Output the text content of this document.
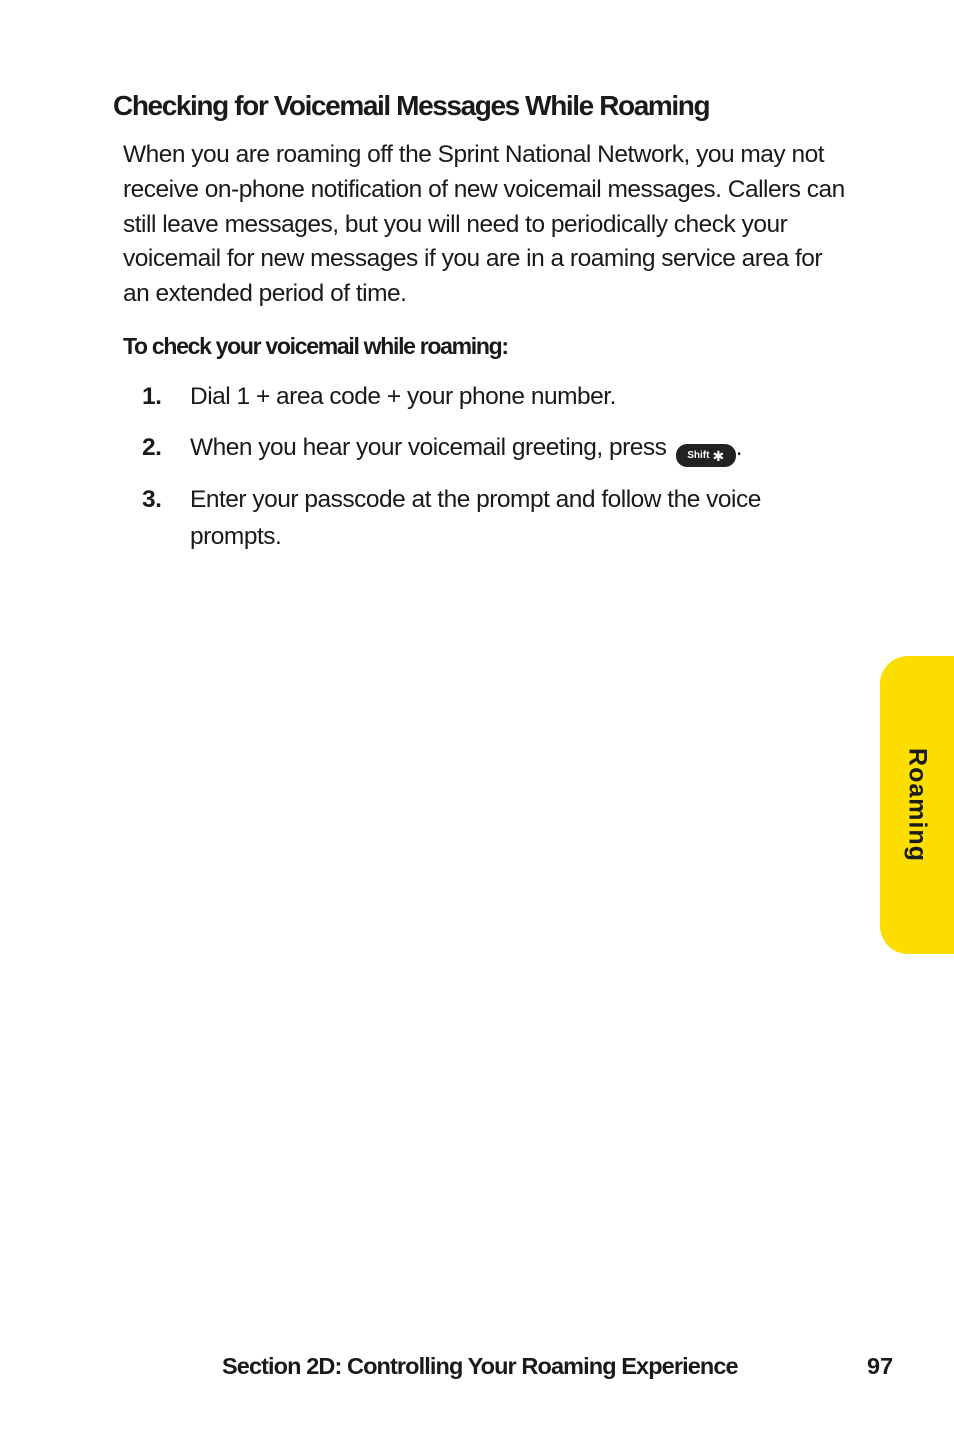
Checking for Voicemail Messages While Roaming

When you are roaming off the Sprint National Network, you may not receive on-phone notification of new voicemail messages. Callers can still leave messages, but you will need to periodically check your voicemail for new messages if you are in a roaming service area for an extended period of time.

To check your voicemail while roaming:

1. Dial 1 + area code + your phone number.
2. When you hear your voicemail greeting, press Shift ✱ .
3. Enter your passcode at the prompt and follow the voice prompts.
Roaming

Section 2D: Controlling Your Roaming Experience	97
